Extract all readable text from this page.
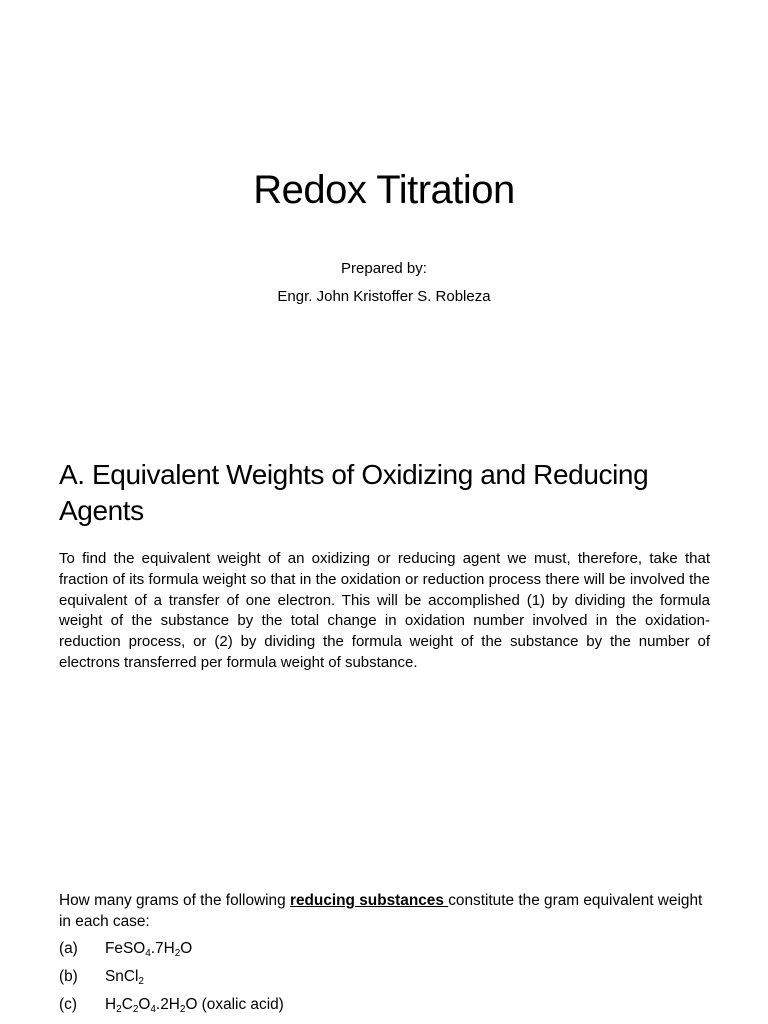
Redox Titration
Prepared by:
Engr. John Kristoffer S. Robleza
A. Equivalent Weights of Oxidizing and Reducing Agents

To find the equivalent weight of an oxidizing or reducing agent we must, therefore, take that fraction of its formula weight so that in the oxidation or reduction process there will be involved the equivalent of a transfer of one electron. This will be accomplished (1) by dividing the formula weight of the substance by the total change in oxidation number involved in the oxidation-reduction process, or (2) by dividing the formula weight of the substance by the number of electrons transferred per formula weight of substance.

How many grams of the following reducing substances constitute the gram equivalent weight in each case:

(a)	$FeSO_4.7H_2O$
(b)	SnCl$_2$
(c)	$H_2C_2O_4.2H_2O$ (oxalic acid)
